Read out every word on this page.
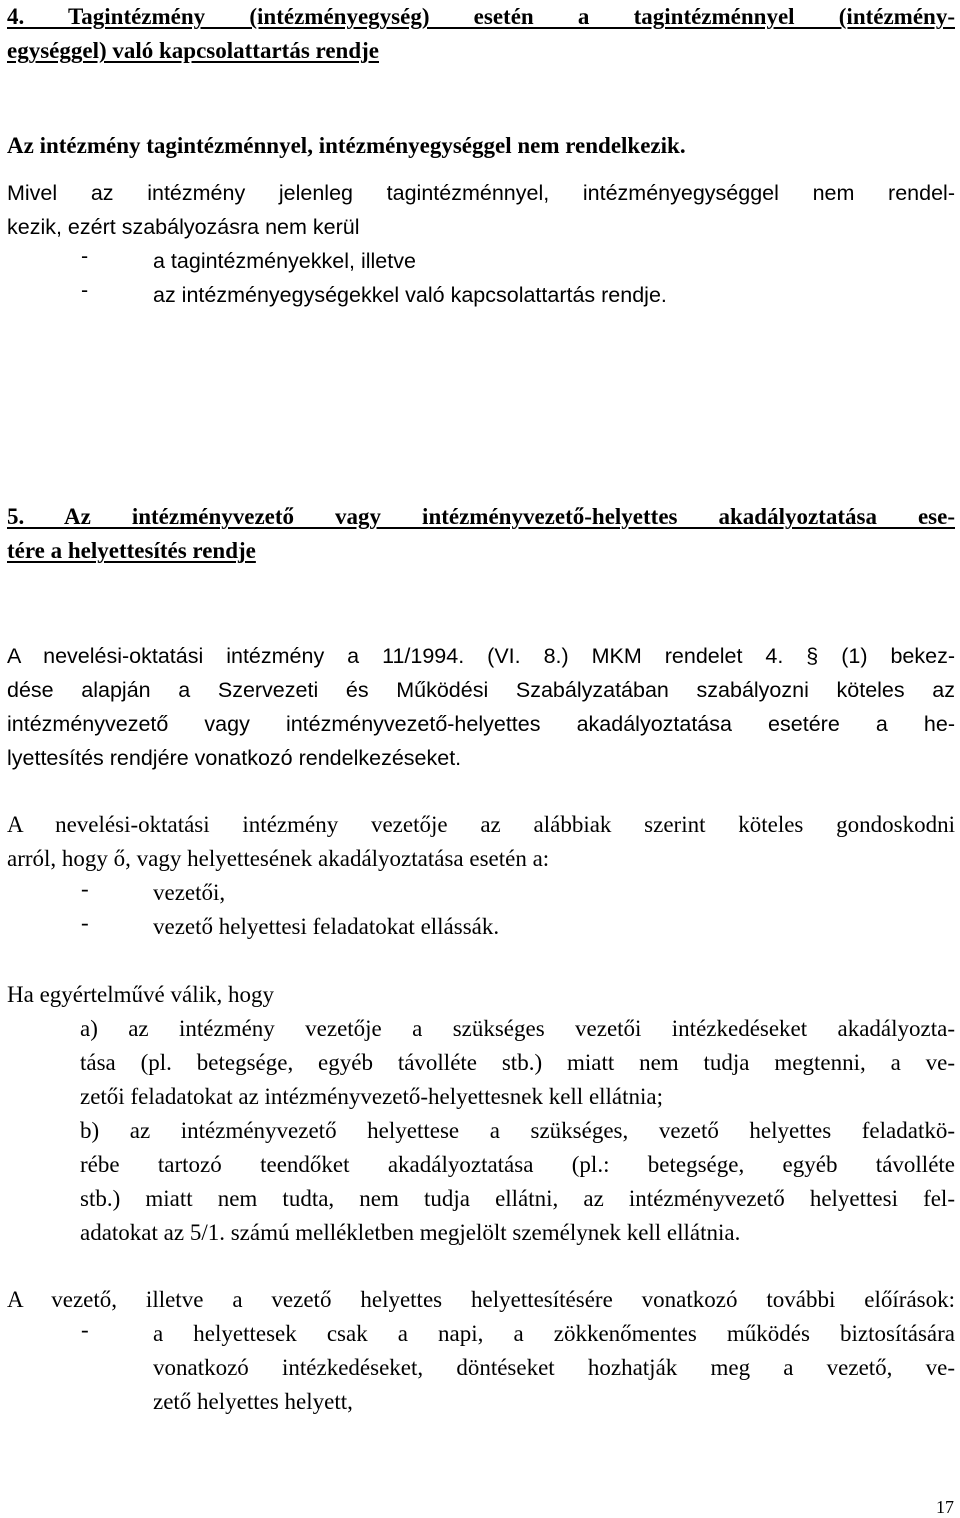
4. Tagintézmény (intézményegység) esetén a tagintézménnyel (intézmény-
egységgel) való kapcsolattartás rendje
Az intézmény tagintézménnyel, intézményegységgel nem rendelkezik.
Mivel az intézmény jelenleg tagintézménnyel, intézményegységgel nem rendel-
kezik, ezért szabályozásra nem kerül
-	a tagintézményekkel, illetve
-	az intézményegységekkel való kapcsolattartás rendje.
5. Az intézményvezető vagy intézményvezető-helyettes akadályoztatása ese-
tére a helyettesítés rendje
A nevelési-oktatási intézmény a 11/1994. (VI. 8.) MKM rendelet 4. § (1) bekez-
dése alapján a Szervezeti és Működési Szabályzatában szabályozni köteles az
intézményvezető vagy intézményvezető-helyettes akadályoztatása esetére a he-
lyettesítés rendjére vonatkozó rendelkezéseket.
A nevelési-oktatási intézmény vezetője az alábbiak szerint köteles gondoskodni
arról, hogy ő, vagy helyettesének akadályoztatása esetén a:
-	vezetői,
-	vezető helyettesi feladatokat ellássák.
Ha egyértelművé válik, hogy
a) az intézmény vezetője a szükséges vezetői intézkedéseket akadályozta-
tása (pl. betegsége, egyéb távolléte stb.) miatt nem tudja megtenni, a ve-
zetői feladatokat az intézményvezető-helyettesnek kell ellátnia;
b) az intézményvezető helyettese a szükséges, vezető helyettes feladatkö-
rébe tartozó teendőket akadályoztatása (pl.: betegsége, egyéb távolléte
stb.) miatt nem tudta, nem tudja ellátni, az intézményvezető helyettesi fel-
adatokat az 5/1. számú mellékletben megjelölt személynek kell ellátnia.
A vezető, illetve a vezető helyettes helyettesítésére vonatkozó további előírások:
-	a helyettesek csak a napi, a zökkenőmentes működés biztosítására
vonatkozó intézkedéseket, döntéseket hozhatják meg a vezető, ve-
zető helyettes helyett,
17
